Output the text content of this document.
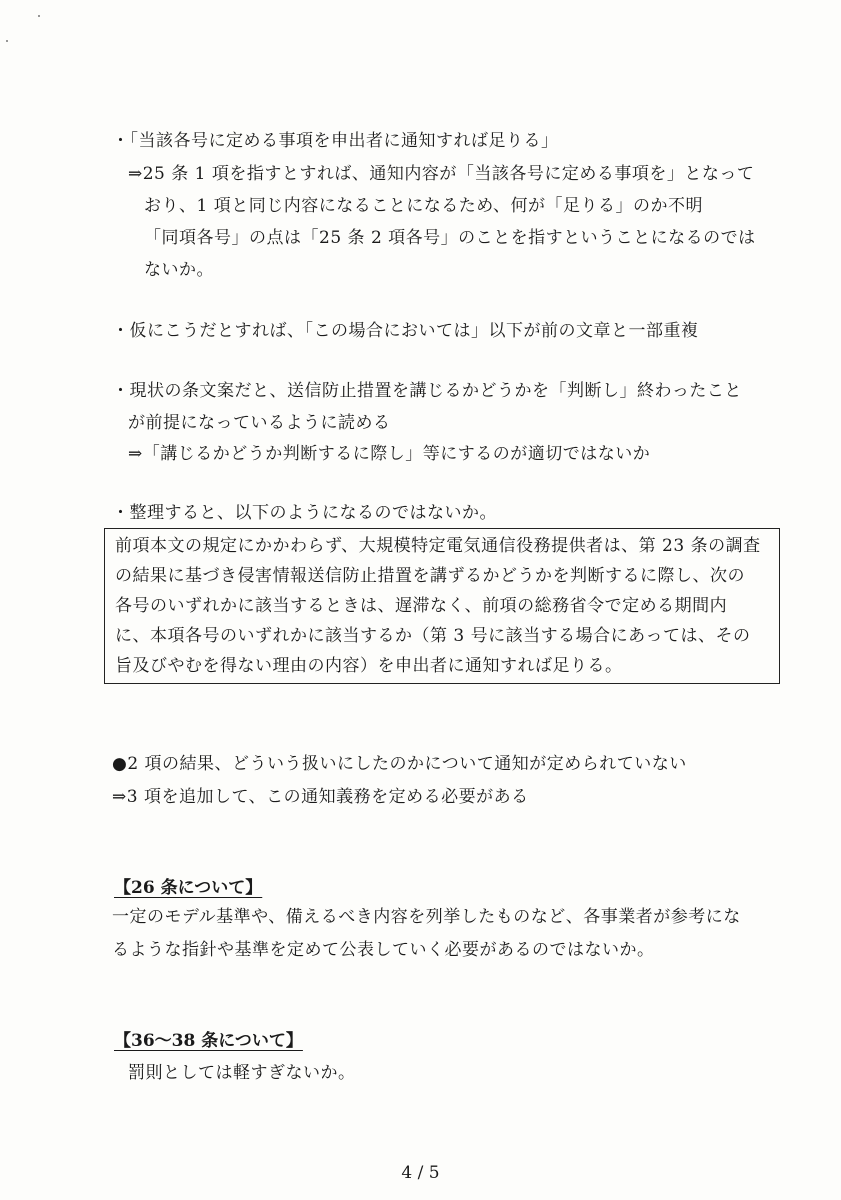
・「当該各号に定める事項を申出者に通知すれば足りる」
⇒25 条 1 項を指すとすれば、通知内容が「当該各号に定める事項を」となって
おり、1 項と同じ内容になることになるため、何が「足りる」のか不明
「同項各号」の点は「25 条 2 項各号」のことを指すということになるのでは
ないか。
・仮にこうだとすれば、「この場合においては」以下が前の文章と一部重複
・現状の条文案だと、送信防止措置を講じるかどうかを「判断し」終わったこと
が前提になっているように読める
⇒「講じるかどうか判断するに際し」等にするのが適切ではないか
・整理すると、以下のようになるのではないか。
前項本文の規定にかかわらず、大規模特定電気通信役務提供者は、第 23 条の調査
の結果に基づき侵害情報送信防止措置を講ずるかどうかを判断するに際し、次の
各号のいずれかに該当するときは、遅滞なく、前項の総務省令で定める期間内
に、本項各号のいずれかに該当するか（第 3 号に該当する場合にあっては、その
旨及びやむを得ない理由の内容）を申出者に通知すれば足りる。
●2 項の結果、どういう扱いにしたのかについて通知が定められていない
⇒3 項を追加して、この通知義務を定める必要がある
【26 条について】
一定のモデル基準や、備えるべき内容を列挙したものなど、各事業者が参考にな
るような指針や基準を定めて公表していく必要があるのではないか。
【36～38 条について】
罰則としては軽すぎないか。
4 / 5
